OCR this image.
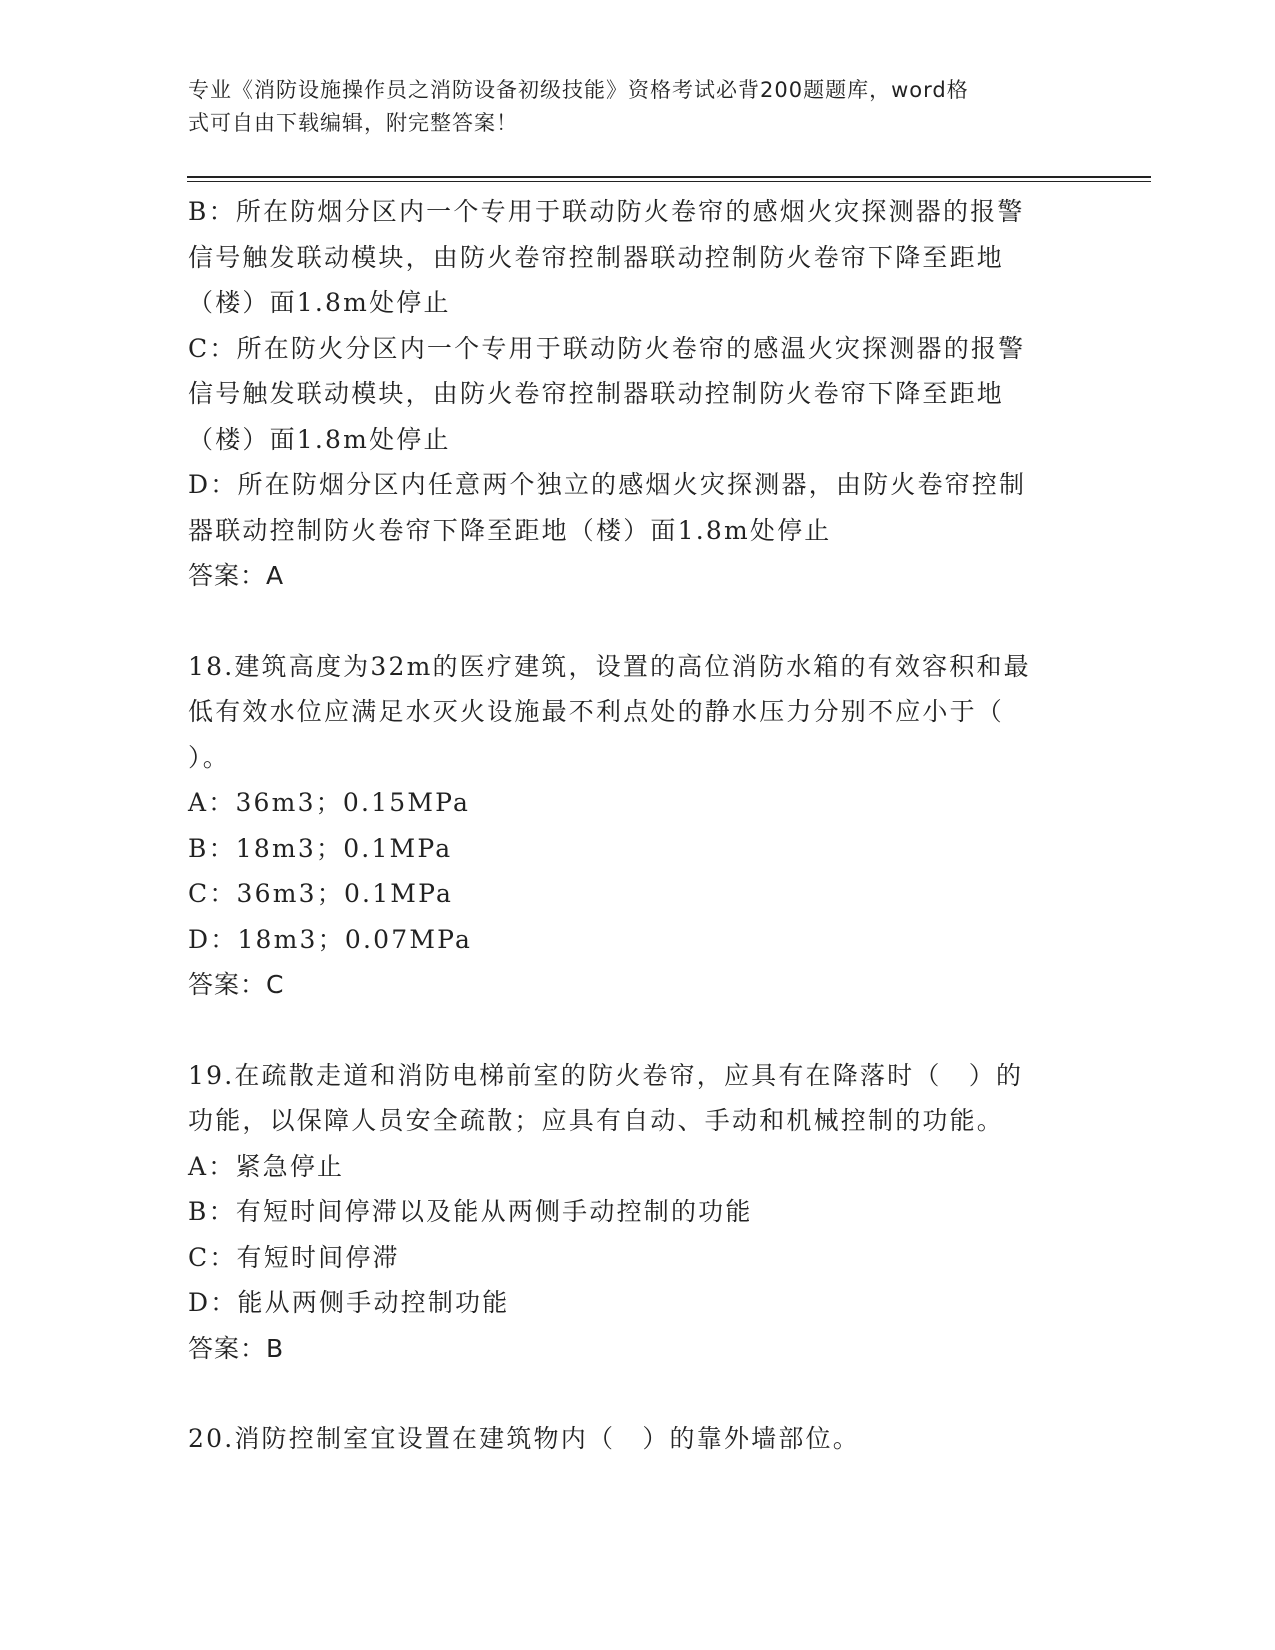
专业《消防设施操作员之消防设备初级技能》资格考试必背200题题库，word格
式可自由下载编辑，附完整答案！

B：所在防烟分区内一个专用于联动防火卷帘的感烟火灾探测器的报警

信号触发联动模块，由防火卷帘控制器联动控制防火卷帘下降至距地

（楼）面1.8m处停止

C：所在防火分区内一个专用于联动防火卷帘的感温火灾探测器的报警

信号触发联动模块，由防火卷帘控制器联动控制防火卷帘下降至距地

（楼）面1.8m处停止

D：所在防烟分区内任意两个独立的感烟火灾探测器，由防火卷帘控制

器联动控制防火卷帘下降至距地（楼）面1.8m处停止

答案：A

18.建筑高度为32m的医疗建筑，设置的高位消防水箱的有效容积和最

低有效水位应满足水灭火设施最不利点处的静水压力分别不应小于（

）。

A：36m3；0.15MPa

B：18m3；0.1MPa

C：36m3；0.1MPa

D：18m3；0.07MPa

答案：C

19.在疏散走道和消防电梯前室的防火卷帘，应具有在降落时（　）的

功能，以保障人员安全疏散；应具有自动、手动和机械控制的功能。

A：紧急停止

B：有短时间停滞以及能从两侧手动控制的功能

C：有短时间停滞

D：能从两侧手动控制功能

答案：B

20.消防控制室宜设置在建筑物内（　）的靠外墙部位。
